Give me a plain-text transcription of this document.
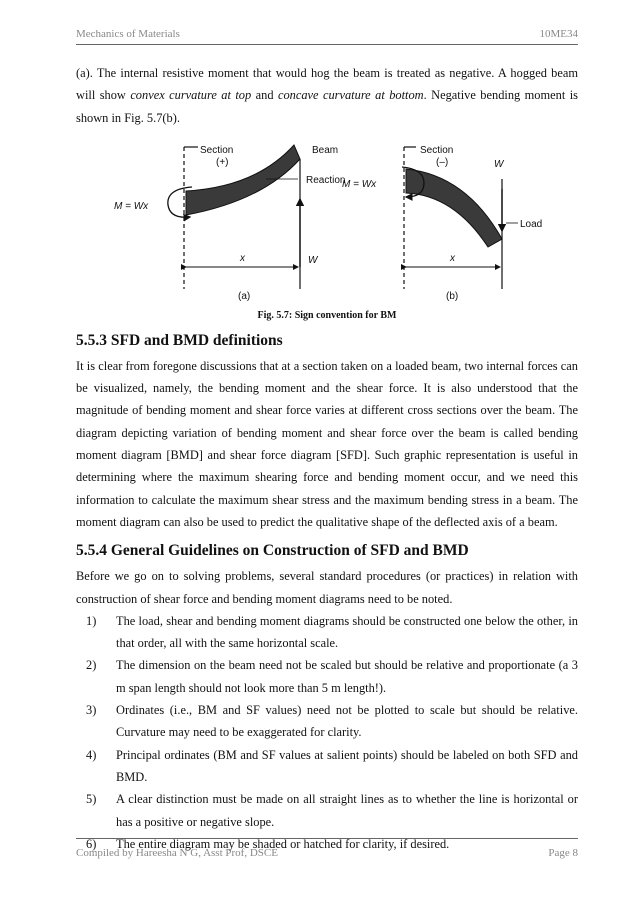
Mechanics of Materials	10ME34

(a). The internal resistive moment that would hog the beam is treated as negative. A hogged beam will show convex curvature at top and concave curvature at bottom. Negative bending moment is shown in Fig. 5.7(b).

Section
(+)
Beam
Reaction
M = Wx
x	W
(a)
Section
(–)	W
Load
M = Wx
x
(b)
Fig. 5.7: Sign convention for BM
5.5.3 SFD and BMD definitions

It is clear from foregone discussions that at a section taken on a loaded beam, two internal forces can be visualized, namely, the bending moment and the shear force. It is also understood that the magnitude of bending moment and shear force varies at different cross sections over the beam. The diagram depicting variation of bending moment and shear force over the beam is called bending moment diagram [BMD] and shear force diagram [SFD]. Such graphic representation is useful in determining where the maximum shearing force and bending moment occur, and we need this information to calculate the maximum shear stress and the maximum bending stress in a beam. The moment diagram can also be used to predict the qualitative shape of the deflected axis of a beam.

5.5.4 General Guidelines on Construction of SFD and BMD

Before we go on to solving problems, several standard procedures (or practices) in relation with construction of shear force and bending moment diagrams need to be noted.

1) The load, shear and bending moment diagrams should be constructed one below the other, in that order, all with the same horizontal scale.
2) The dimension on the beam need not be scaled but should be relative and proportionate (a 3 m span length should not look more than 5 m length!).
3) Ordinates (i.e., BM and SF values) need not be plotted to scale but should be relative. Curvature may need to be exaggerated for clarity.
4) Principal ordinates (BM and SF values at salient points) should be labeled on both SFD and BMD.
5) A clear distinction must be made on all straight lines as to whether the line is horizontal or has a positive or negative slope.
6) The entire diagram may be shaded or hatched for clarity, if desired.
Compiled by Hareesha N G, Asst Prof, DSCE	Page 8
